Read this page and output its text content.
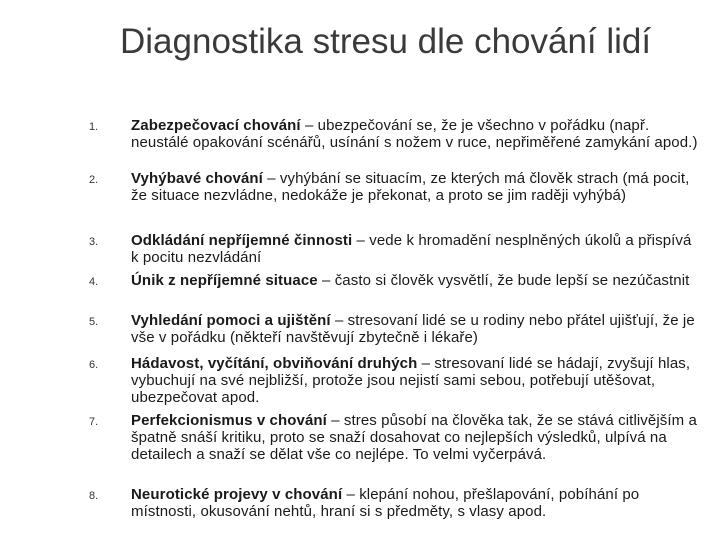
Diagnostika stresu dle chování lidí
1.	Zabezpečovací chování – ubezpečování se, že je všechno v pořádku (např. neustálé opakování scénářů, usínání s nožem v ruce, nepřiměřené zamykání apod.)
2.	Vyhýbavé chování – vyhýbání se situacím, ze kterých má člověk strach (má pocit, že situace nezvládne, nedokáže je překonat, a proto se jim raději vyhýbá)
3.	Odkládání nepříjemné činnosti – vede k hromadění nesplněných úkolů a přispívá k pocitu nezvládání
4.	Únik z nepříjemné situace – často si člověk vysvětlí, že bude lepší se nezúčastnit
5.	Vyhledání pomoci a ujištění – stresovaní lidé se u rodiny nebo přátel ujišťují, že je vše v pořádku (někteří navštěvují zbytečně i lékaře)
6.	Hádavost, vyčítání, obviňování druhých – stresovaní lidé se hádají, zvyšují hlas, vybuchují na své nejbližší, protože jsou nejistí sami sebou, potřebují utěšovat, ubezpečovat apod.
7.	Perfekcionismus v chování – stres působí na člověka tak, že se stává citlivějším a špatně snáší kritiku, proto se snaží dosahovat co nejlepších výsledků, ulpívá na detailech a snaží se dělat vše co nejlépe. To velmi vyčerpává.
8.	Neurotické projevy v chování – klepání nohou, přešlapování, pobíhání po místnosti, okusování nehtů, hraní si s předměty, s vlasy apod.
